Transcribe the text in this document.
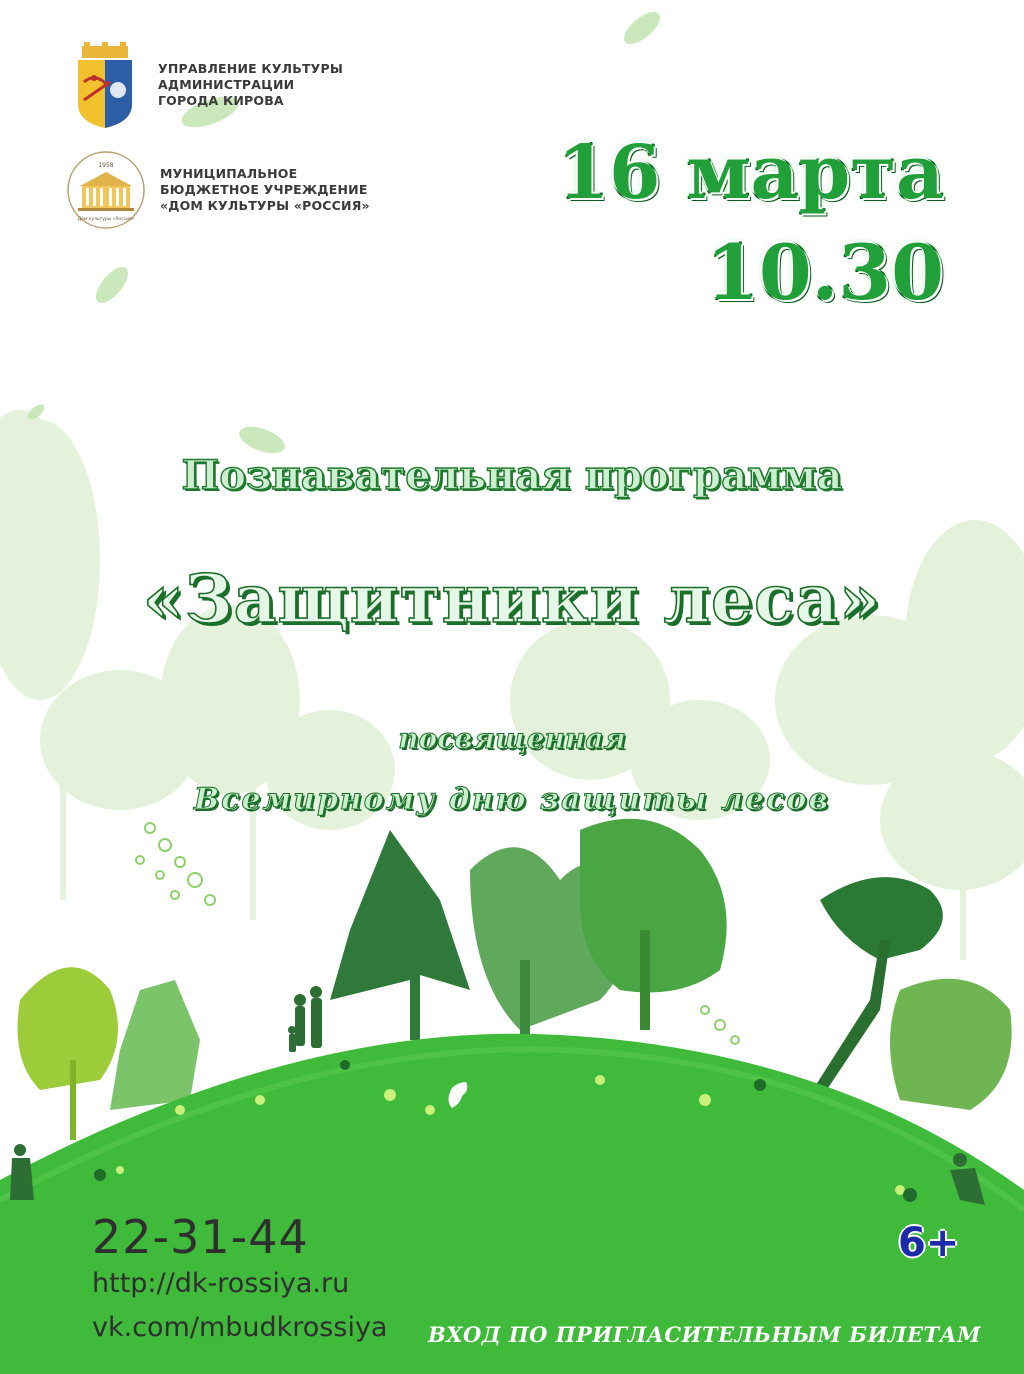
УПРАВЛЕНИЕ КУЛЬТУРЫ
АДМИНИСТРАЦИИ
ГОРОДА КИРОВА
1958
Дом культуры «Россия»
МУНИЦИПАЛЬНОЕ
БЮДЖЕТНОЕ УЧРЕЖДЕНИЕ
«ДОМ КУЛЬТУРЫ «РОССИЯ»	16 марта
10.30
Познавательная программа
«Защитники леса»
посвященная
Всемирному дню защиты лесов
22-31-44
http://dk-rossiya.ru
vk.com/mbudkrossiya
6+
ВХОД ПО ПРИГЛАСИТЕЛЬНЫМ БИЛЕТАМ
